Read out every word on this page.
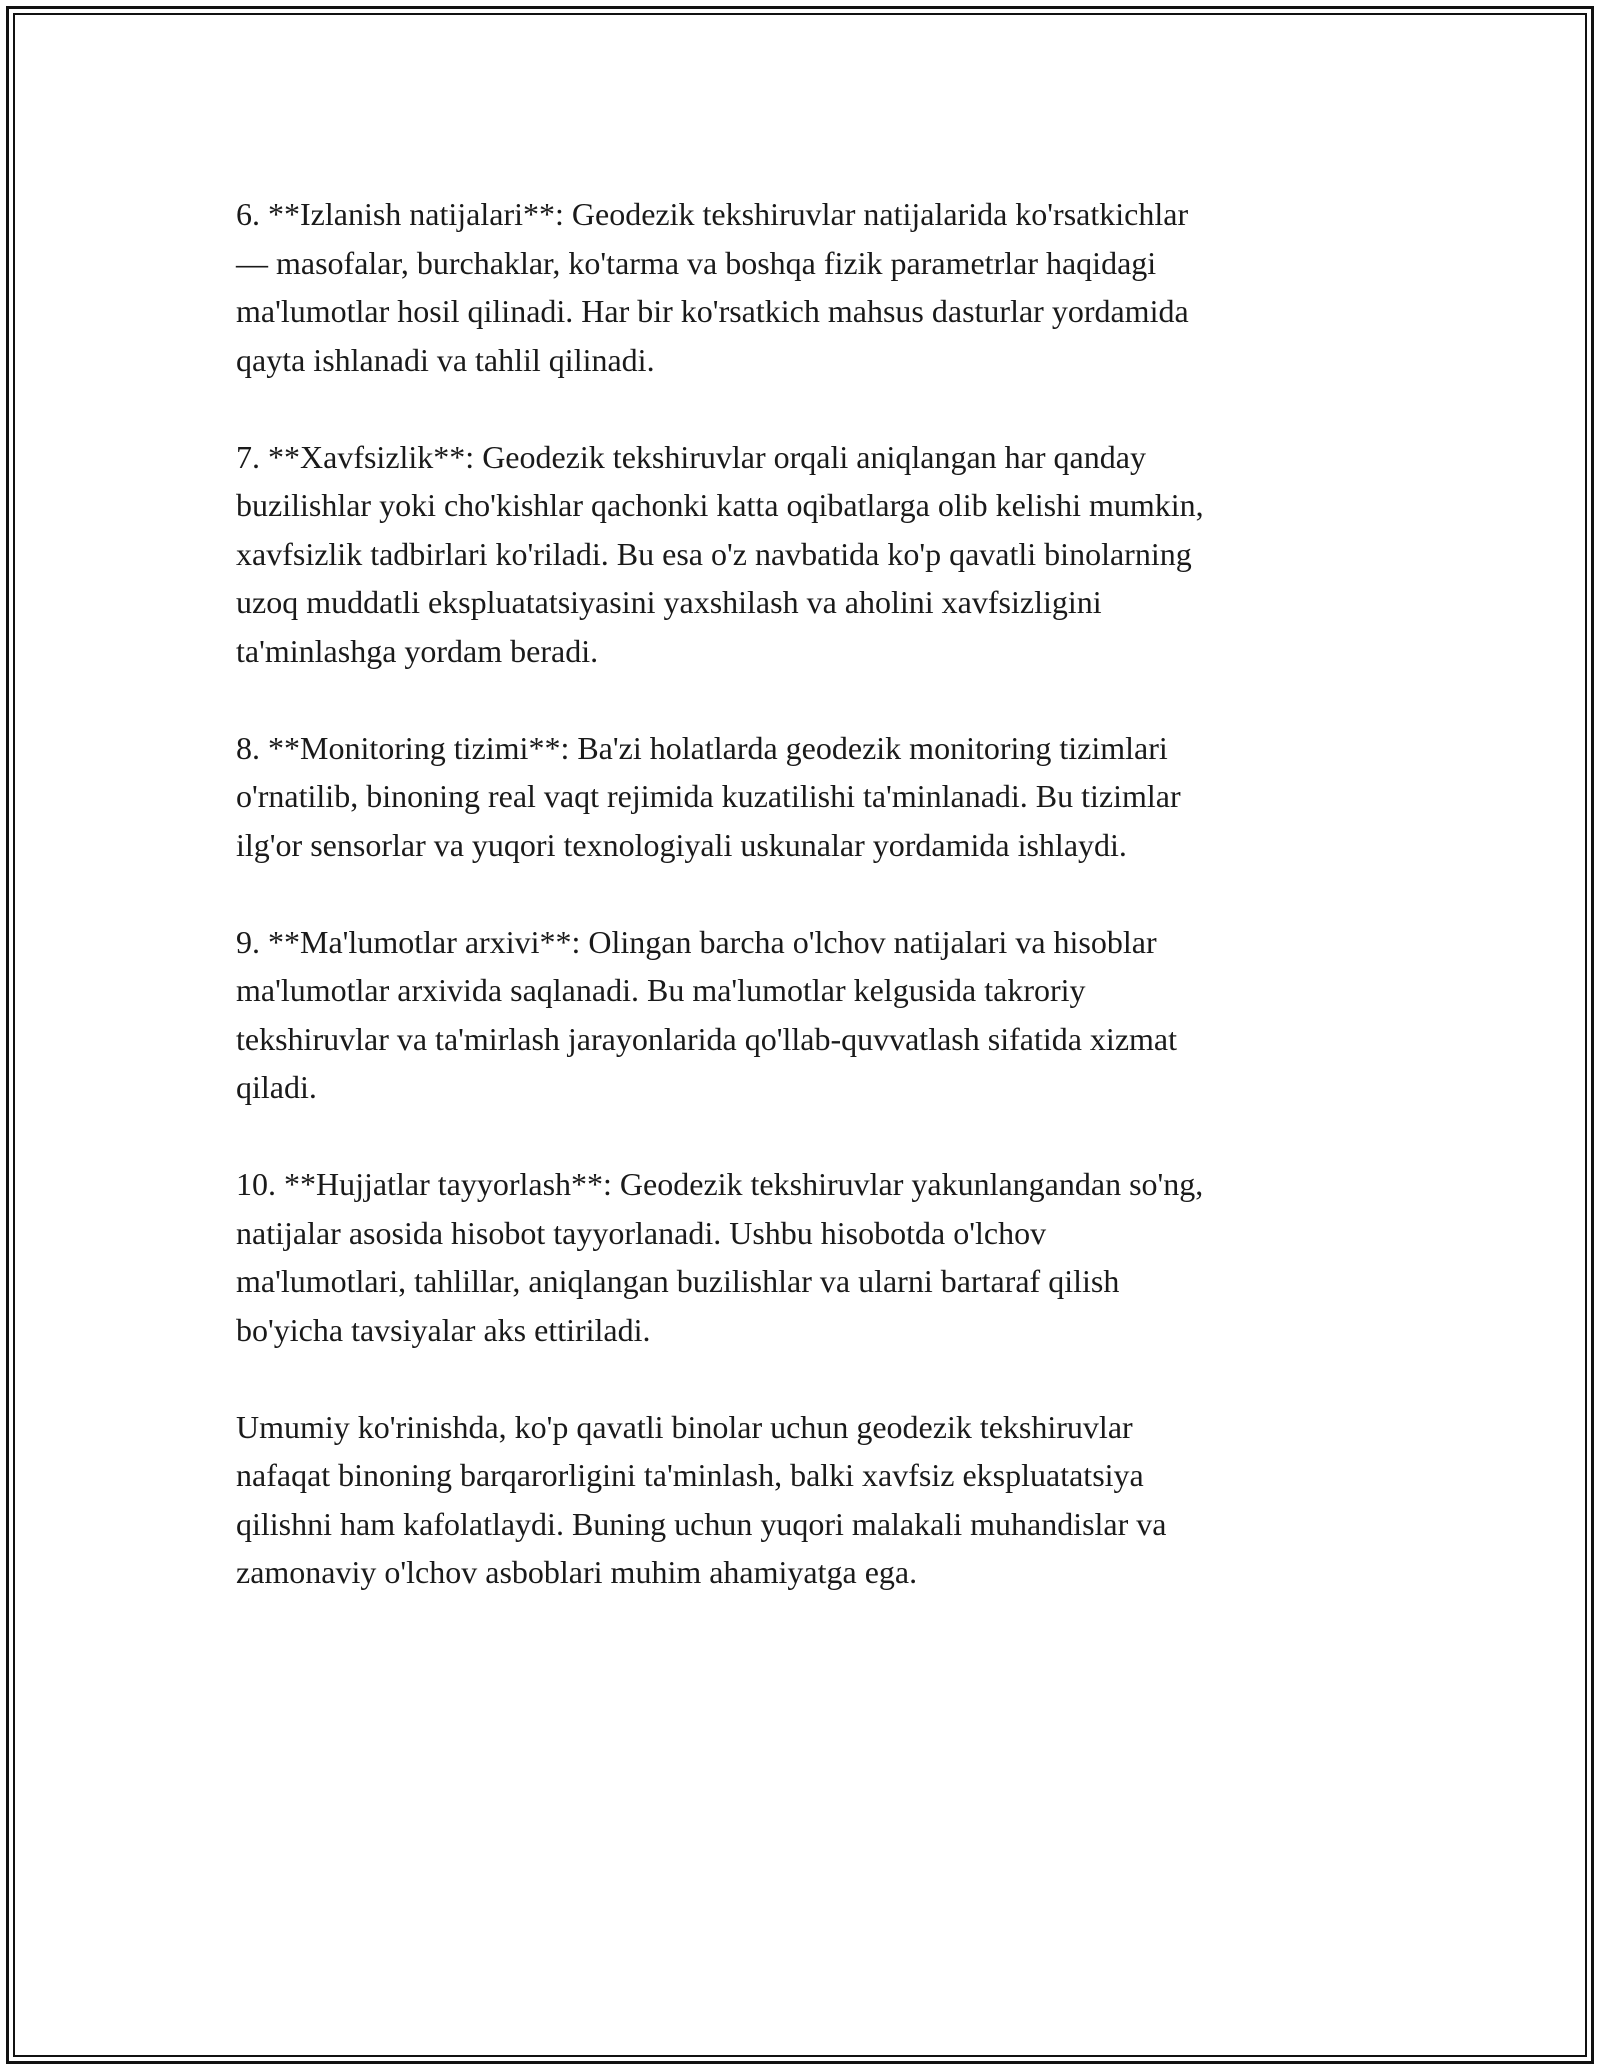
6. **Izlanish natijalari**: Geodezik tekshiruvlar natijalarida ko'rsatkichlar
— masofalar, burchaklar, ko'tarma va boshqa fizik parametrlar haqidagi
ma'lumotlar hosil qilinadi. Har bir ko'rsatkich mahsus dasturlar yordamida
qayta ishlanadi va tahlil qilinadi.

7. **Xavfsizlik**: Geodezik tekshiruvlar orqali aniqlangan har qanday
buzilishlar yoki cho'kishlar qachonki katta oqibatlarga olib kelishi mumkin,
xavfsizlik tadbirlari ko'riladi. Bu esa o'z navbatida ko'p qavatli binolarning
uzoq muddatli ekspluatatsiyasini yaxshilash va aholini xavfsizligini
ta'minlashga yordam beradi.

8. **Monitoring tizimi**: Ba'zi holatlarda geodezik monitoring tizimlari
o'rnatilib, binoning real vaqt rejimida kuzatilishi ta'minlanadi. Bu tizimlar
ilg'or sensorlar va yuqori texnologiyali uskunalar yordamida ishlaydi.

9. **Ma'lumotlar arxivi**: Olingan barcha o'lchov natijalari va hisoblar
ma'lumotlar arxivida saqlanadi. Bu ma'lumotlar kelgusida takroriy
tekshiruvlar va ta'mirlash jarayonlarida qo'llab-quvvatlash sifatida xizmat
qiladi.

10. **Hujjatlar tayyorlash**: Geodezik tekshiruvlar yakunlangandan so'ng,
natijalar asosida hisobot tayyorlanadi. Ushbu hisobotda o'lchov
ma'lumotlari, tahlillar, aniqlangan buzilishlar va ularni bartaraf qilish
bo'yicha tavsiyalar aks ettiriladi.

Umumiy ko'rinishda, ko'p qavatli binolar uchun geodezik tekshiruvlar
nafaqat binoning barqarorligini ta'minlash, balki xavfsiz ekspluatatsiya
qilishni ham kafolatlaydi. Buning uchun yuqori malakali muhandislar va
zamonaviy o'lchov asboblari muhim ahamiyatga ega.
